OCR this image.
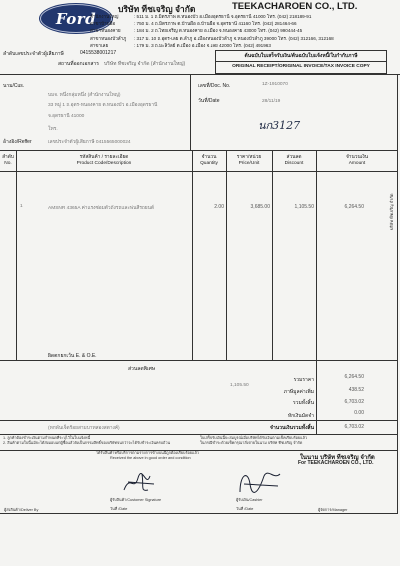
Ford
บริษัท ทีชเจริญ จำกัด	TEEKACHAROEN CO., LTD.
สำนักงานใหญ่	: 511 ม. 1 ถ.มิตรภาพ ต.หนองบัว อ.เมืองอุดรธานี จ.อุดรธานี 41000 โทร. (042) 218189-91
สาขาบ้านผือ	: 750 ม. 4 ถ.มิตรภาพ ต.บ้านผือ อ.บ้านผือ จ.อุดรธานี 41160 โทร. (042) 281464-66
สาขาหนองคาย	: 184 ม. 2 ถ.ไทยเจริญ ต.หนองคาย อ.เมือง จ.หนองคาย 43000 โทร. (042) 990444-45
สาขาหนองบัวลำภู : 317 ม. 10 ถ.อุดร-เลย ต.ลำภู อ.เมืองหนองบัวลำภู จ.หนองบัวลำภู 39000 โทร. (042) 312166, 312168
สาขาเลย	: 179 ม. 3 ถ.มะลิวัลย์ ต.เมือง อ.เมือง จ.เลย 42000 โทร. (042) 491963
ลำดับเลขประจำตัวผู้เสียภาษี	0415538001217
สถานที่ออกเอกสาร บริษัท ทีชเจริญ จำกัด (สำนักงานใหญ่)
ต้นฉบับใบเสร็จรับเงิน/ต้นฉบับใบแจ้งหนี้/ใบกำกับภาษี
ORIGINAL RECEIPT/ORIGINAL INVOICE/TAX INVOICE COPY
นาม/Cus.
บมจ. หนึ่งกลุ่มหนึ่ง (สำนักงานใหญ่)
33 หมู่ 1 ถ.อุดร-หนองคาย ต.หนองบัว อ.เมืองอุดรธานี
จ.อุดรธานี 41000
โทร.
อ้างอิง/Reffer	เลขประจำตัวผู้เสียภาษี 0415565000024
เลขที่/Doc. No.	1Z-1910070
วันที่/Date	28/11/19
นก3127
ลำดับ
No.
รหัสสินค้า / รายละเอียด
Product Code/Description
จำนวน
Quantity
ราคา/หน่วย
Price/Unit
ส่วนลด
Discount
จำนวนเงิน
Amount
1	AMSNR 4365A ค่าแรงซ่อมตัวถังรถและพ่นสีรถยนต์	2.00	3,685.00	1,105.50	6,264.50
ผิดตกยกเว้น E. & O.E.
ส่วนลดพิเศษ
1,105.50
รวมราคา	6,264.50
ภาษีมูลค่าเพิ่ม	438.52
รวมทั้งสิ้น	6,703.02
หักเงินมัดจำ	0.00
(หกพันเจ็ดร้อยสามบาทสองสตางค์)	จำนวนเงินรวมทั้งสิ้น	6,703.02
1. ลูกค้าต้องชำระเงินตามกำหนดที่ระบุไว้ในใบแจ้งหนี้
2. สินค้าตามใบนี้แม้จะได้ส่งมอบแก่ผู้ซื้อแล้วยังเป็นกรรมสิทธิ์ของบริษัทจนกว่าจะได้รับชำระเงินครบถ้วน
ใบเสร็จรับเงินนี้จะสมบูรณ์เมื่อบริษัทได้รับเงินตามเช็คเรียบร้อยแล้ว
ในกรณีชำระด้วยเช็คกรุณาสั่งจ่ายในนาม บริษัท ทีชเจริญ จำกัด
ได้รับสินค้าหรือบริการตามรายการข้างบนนี้ถูกต้องเรียบร้อยแล้ว
Received the above in good order and condition
ผู้ส่งสินค้า/Deliver By
ผู้รับสินค้า/Customer Signature
วันที่ /Date
ผู้รับเงิน/Cashier
วันที่ /Date
ในนาม บริษัท ทีชเจริญ จำกัด
For TEEKACHAROEN CO., LTD.
ผู้จัดการ/Manager
บริษัท ทีชเจริญ จำกัด
